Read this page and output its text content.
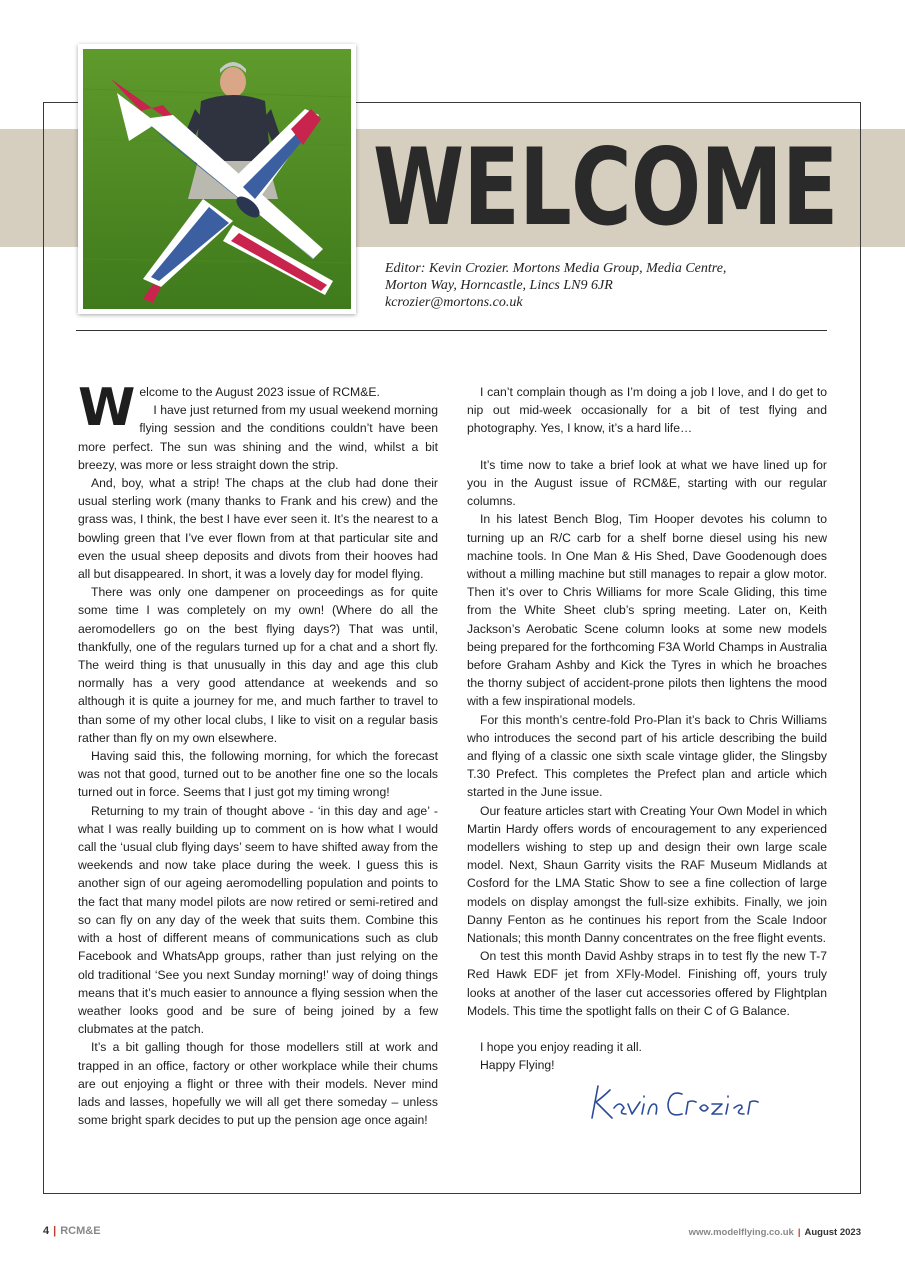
WELCOME
Editor: Kevin Crozier. Mortons Media Group, Media Centre,
Morton Way, Horncastle, Lincs LN9 6JR
kcrozier@mortons.co.uk

Welcome to the August 2023 issue of RCM&E.
I have just returned from my usual weekend morning flying session and the conditions couldn’t have been more perfect. The sun was shining and the wind, whilst a bit breezy, was more or less straight down the strip.

And, boy, what a strip! The chaps at the club had done their usual sterling work (many thanks to Frank and his crew) and the grass was, I think, the best I have ever seen it. It’s the nearest to a bowling green that I’ve ever flown from at that particular site and even the usual sheep deposits and divots from their hooves had all but disappeared. In short, it was a lovely day for model flying.

There was only one dampener on proceedings as for quite some time I was completely on my own! (Where do all the aeromodellers go on the best flying days?) That was until, thankfully, one of the regulars turned up for a chat and a short fly. The weird thing is that unusually in this day and age this club normally has a very good attendance at weekends and so although it is quite a journey for me, and much farther to travel to than some of my other local clubs, I like to visit on a regular basis rather than fly on my own elsewhere.

Having said this, the following morning, for which the forecast was not that good, turned out to be another fine one so the locals turned out in force. Seems that I just got my timing wrong!

Returning to my train of thought above - ‘in this day and age’ - what I was really building up to comment on is how what I would call the ‘usual club flying days’ seem to have shifted away from the weekends and now take place during the week. I guess this is another sign of our ageing aeromodelling population and points to the fact that many model pilots are now retired or semi-retired and so can fly on any day of the week that suits them. Combine this with a host of different means of communications such as club Facebook and WhatsApp groups, rather than just relying on the old traditional ‘See you next Sunday morning!’ way of doing things means that it’s much easier to announce a flying session when the weather looks good and be sure of being joined by a few clubmates at the patch.

It’s a bit galling though for those modellers still at work and trapped in an office, factory or other workplace while their chums are out enjoying a flight or three with their models. Never mind lads and lasses, hopefully we will all get there someday – unless some bright spark decides to put up the pension age once again!

I can’t complain though as I’m doing a job I love, and I do get to nip out mid-week occasionally for a bit of test flying and photography. Yes, I know, it’s a hard life…

It’s time now to take a brief look at what we have lined up for you in the August issue of RCM&E, starting with our regular columns.

In his latest Bench Blog, Tim Hooper devotes his column to turning up an R/C carb for a shelf borne diesel using his new machine tools. In One Man & His Shed, Dave Goodenough does without a milling machine but still manages to repair a glow motor. Then it’s over to Chris Williams for more Scale Gliding, this time from the White Sheet club’s spring meeting. Later on, Keith Jackson’s Aerobatic Scene column looks at some new models being prepared for the forthcoming F3A World Champs in Australia before Graham Ashby and Kick the Tyres in which he broaches the thorny subject of accident-prone pilots then lightens the mood with a few inspirational models.

For this month’s centre-fold Pro-Plan it’s back to Chris Williams who introduces the second part of his article describing the build and flying of a classic one sixth scale vintage glider, the Slingsby T.30 Prefect. This completes the Prefect plan and article which started in the June issue.

Our feature articles start with Creating Your Own Model in which Martin Hardy offers words of encouragement to any experienced modellers wishing to step up and design their own large scale model. Next, Shaun Garrity visits the RAF Museum Midlands at Cosford for the LMA Static Show to see a fine collection of large models on display amongst the full-size exhibits. Finally, we join Danny Fenton as he continues his report from the Scale Indoor Nationals; this month Danny concentrates on the free flight events.

On test this month David Ashby straps in to test fly the new T-7 Red Hawk EDF jet from XFly-Model. Finishing off, yours truly looks at another of the laser cut accessories offered by Flightplan Models. This time the spotlight falls on their C of G Balance.

I hope you enjoy reading it all.

Happy Flying!

4 | RCM&E	www.modelflying.co.uk | August 2023
